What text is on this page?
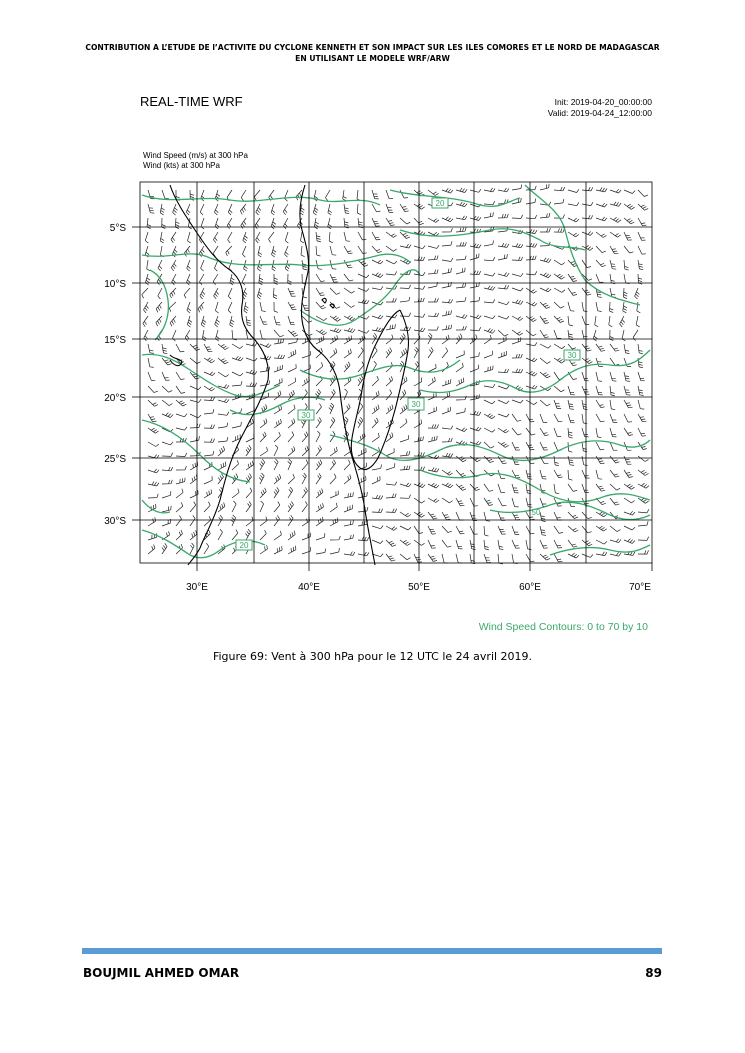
CONTRIBUTION A L’ETUDE DE l’ACTIVITE DU CYCLONE KENNETH ET SON IMPACT SUR LES ILES COMORES ET LE NORD DE MADAGASCAR
EN UTILISANT LE MODELE WRF/ARW
REAL-TIME WRF	Init: 2019-04-20_00:00:00
Valid: 2019-04-24_12:00:00
Wind Speed (m/s) at 300 hPa
Wind (kts) at 300 hPa
30
30
20
30
20
50
5°S
10°S
15°S
20°S
25°S
30°S
30°E	40°E	50°E	60°E	70°E
Wind Speed Contours: 0 to 70 by 10
Figure 69: Vent à 300 hPa pour le 12 UTC le 24 avril 2019.
BOUJMIL AHMED OMAR	89
